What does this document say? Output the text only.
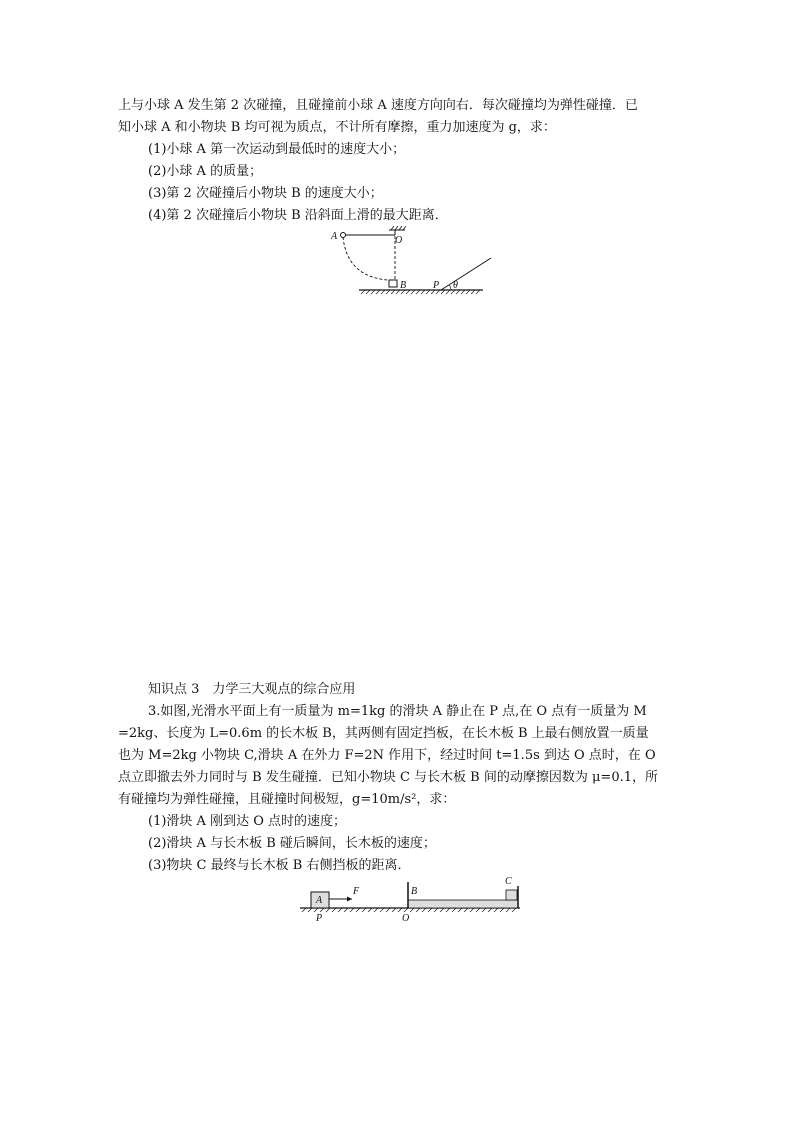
上与小球 A 发生第 2 次碰撞，且碰撞前小球 A 速度方向向右．每次碰撞均为弹性碰撞．已
知小球 A 和小物块 B 均可视为质点，不计所有摩擦，重力加速度为 g，求：
(1)小球 A 第一次运动到最低时的速度大小；
(2)小球 A 的质量；
(3)第 2 次碰撞后小物块 B 的速度大小；
(4)第 2 次碰撞后小物块 B 沿斜面上滑的最大距离．
A	O
B	P θ
知识点 3　力学三大观点的综合应用
3.如图,光滑水平面上有一质量为 m=1kg 的滑块 A 静止在 P 点,在 O 点有一质量为 M
=2kg、长度为 L=0.6m 的长木板 B，其两侧有固定挡板，在长木板 B 上最右侧放置一质量
也为 M=2kg 小物块 C,滑块 A 在外力 F=2N 作用下，经过时间 t=1.5s 到达 O 点时，在 O
点立即撤去外力同时与 B 发生碰撞．已知小物块 C 与长木板 B 间的动摩擦因数为 μ=0.1，所
有碰撞均为弹性碰撞，且碰撞时间极短，g=10m/s²，求：
(1)滑块 A 刚到达 O 点时的速度；
(2)滑块 A 与长木板 B 碰后瞬间，长木板的速度；
(3)物块 C 最终与长木板 B 右侧挡板的距离．
A
F	B
C
P	O
